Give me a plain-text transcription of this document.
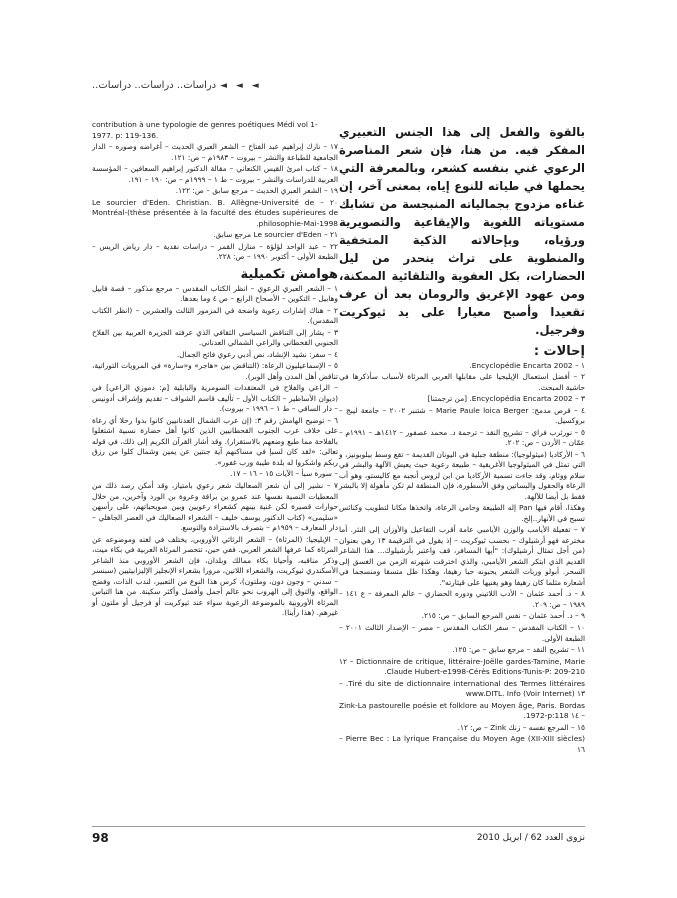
◄ ◄ ◄
دراسات.. دراسات.. دراسات..

بالقوة والفعل إلى هذا الجنس التعبيري المفكر فيه. من هنا، فإن شعر المناصرة الرعوي غني بنفسه كشعر، وبالمعرفة التي يحملها في طياته للنوع إياه، بمعنى آخر، إن غناءه مزدوج بجمالياته المنبجسة من تشابك مستوياته اللغوية والإيقاعية والتصويرية ورؤياه، وبإحالاته الذكية المتخفية والمنطوية على تراث ينحدر من ليل الحضارات، بكل العفوية والتلقائية الممكنة، ومن عهود الإغريق والرومان بعد أن عرف تقعيدا وأصبح معيارا على يد ثيوكريت وفرجيل.

إحالات :

١ – Encyclopédie Encarta 2002.

٢ – أفضل استعمال الإيليجيا على مقابلها العربي المرثاة لأسباب سأذكرها في حاشية المبحث.

٣ – Encyclopédia Encarta 2002. [من ترجمتنا]

٤ – قرص مدمج: Marie Paule loica Berger – شتنبر ٢٠٠٢ – جامعة ليبج – بروكسيل.

٥ – نورثرب فراي – تشريح النقد – ترجمة د. محمد عصفور – ١٤١٢هـ – ١٩٩١م – عمّان – الأردن – ص: ٢٠٢.

٦ – الأركاديا (ميثولوجيا): منطقة جبلية في اليونان القديمة – تقع وسط بيلوبونيز، و التي تمثل في الميثولوجيا الأغريقية – طبيعة رعوية حيث يعيش الآلهة والبشر في سلام ووئام، وقد جاءت تسمية الأركاديا من ابن لزوس أنجبه مع كاليستو، وهو أب الرعاة والحقول والبساتين وفق الأسطورة، فإن المنطقة لم تكن مأهولة إلا بالبشر فقط بل أيضا للآلهة.

وهكذا، أقام فيها Pan إله الطبيعة وحامي الرعاة، واتخذها مكانا لتطويب وكنائس تسبح في الأنهار..إلخ.

٧ – تفعيلة الأيامب والوزن الأيامبي عامة أقرب التفاعيل والأوزان إلى النثر. أما مخترعه فهو أرشيلوك – بحسب ثيوكريت – إذ يقول في الترقيمة ١٣ رهي بعنوان (من أجل تمثال أرشيلوك): "أيها المسافر، قف واعتبر بأرشيلوك... هذا الشاعر القديم الذي ابتكر الشعر الأيامبي، والذي اخترقت شهرته الزمن من الغسق إلى السحر. أبولو وربات الشعر يحبونه حبا رهيفا، وهكذا ظل متسقا ومنسجما في أشعاره مثلما كان رهيفا وهو يغنيها على قيثارته".

٨ – د. أحمد عثمان – الأدب اللاتيني ودوره الحضاري – عالم المعرفة – ع ١٤١ – ١٩٨٩ – ص: ٢٠٩.

٩ – د. أحمد عثمان – نفس المرجع السابق – ص: ٢١٥.

١٠ – الكتاب المقدس – سفر الكتاب المقدس – مصر – الإصدار الثالث ٢٠٠١ – الطبعة الأولى.

١١ – تشريح النقد – مرجع سابق – ص: ١٢٥.

Dictionnaire de critique, littéraire-Joëlle gardes-Tamine, Marie – ١٢ Claude Hubert-e1998-Cérès Editions-Tunis-P: 209-210.

Tiré du site de dictionnaire international des Termes littéraires. – ١٣ (www.DITL. Info (Voir Internet

Zink-La pastourelle poésie et folklore au Moyen âge, Paris. Bordas – ١٤ 1972-p:118.

١٥ – المرجع نفسه – زنك Zink – ص: ١٢.

Pierre Bec : La lyrique Française du Moyen Age (XII-XIII siècles) – ١٦

contribution à une typologie de genres poétiques Médi vol 1-1977. p: 119-136.

١٧ – نازك إبراهيم عبد الفتاح – الشعر العبري الحديث – أغراضه وصوره – الدار الجامعية للطباعة والنشر – بيروت – ١٩٨٣م – ص: ١٢١.

١٨ – كتاب امرئ القيس الكنعاني – مقالة الدكتور إبراهيم السعافين – المؤسسة العربية للدراسات والنشر – بيروت – ط ١ – ١٩٩٩م – ص: ١٩٠ – ١٩١.

١٩ – الشعر العبري الحديث – مرجع سابق – ص: ١٢٢.

٢٠ – Le sourcier d'Eden. Christian. B. Allègne-Université de Montréal-(thèse présentée à la faculté des études supérieures de philosophie-Mai-1998.

٢١ – Le sourcier d'Eden مرجع سابق.

٢٢ – عبد الواحد لؤلؤة – منازل القمر – دراسات نقدية – دار رياض الريس – الطبعة الأولى – أكتوبر ١٩٩٠ – ص: ٢٢٨.

هوامش تكميلية

١ – الشعر العبري الرعوي – انظر الكتاب المقدس – مرجع مذكور – قصة قابيل وهابيل – التكوين – الأصحاح الرابع – ص ٤ وما بعدها.

٢ – هناك إشارات رعوية واضحة في المزمور الثالث والعشرين – (انظر الكتاب المقدس).

٣ – يشار إلى التناقض السياسي الثقافي الذي عرفته الجزيرة العربية بين الفلاح الجنوبي القحطاني والراعي الشمالي العدناني.

٤ – سفر: نشيد الإنشاد، نص أدبي رعوي فائح الجمال.

٥ – الإسماعيليون الرعاة: (التناقض بين «هاجر» و«سارة» في المرويات التوراتية، تناقض أهل المدن وأهل الوبر).

– الراعي والفلاح في المعتقدات السومرية والبابلية [م: دموزي الراعي] في (ديوان الأساطير – الكتاب الأول – تأليف قاسم الشواف – تقديم وإشراف أدونيس – دار الساقي – ط ١ – ١٩٩٦ – بيروت).

٦ – توضيح الهامش رقم ٣: (إن عرب الشمال العدنانيين كانوا بدوا رحلا أي رعاة على خلاف عرب الجنوب القحطانيين الذين كانوا أهل حضارة نسبية اشتغلوا بالفلاحة مما طبع وضعهم بالاستقرار). وقد أشار القرآن الكريم إلى ذلك، في قوله تعالى: «لقد كان لسبإ في مساكنهم آية جنتين عن يمين وشمال كلوا من رزق ربكم واشكروا له بلدة طيبة ورب غفور».

– سورة سبأ – الآيات ١٥ – ١٦ – ١٧.

٧ – نشير إلى أن شعر الصعاليك شعر رعوي بامتياز، وقد أمكن رصد ذلك من المعطيات النصية نفسها عند عمرو بن براقة وعروة بن الورد وآخرين، من خلال حوارات قصيرة لكن غنية بينهم كشعراء رعويين وبين صويحباتهم، على رأسهن «سليمى» (كتاب الدكتور يوسف خليف – الشعراء الصعاليك في العصر الجاهلي – دار المعارف – ١٩٥٩م – بتصرف بالاستزادة والتوسع.

– الإيليجيا: (المرثاة) – الشعر الرثائي الأوروبي، يختلف في لغته وموضوعه عن المرثاة كما عرفها الشعر العربي. ففي حين، تتحصر المرثاة العربية في بكاء ميت، وذكر مناقبه، وأحيانا بكاء ممالك وبلدان، فإن الشعر الأوروبي منذ الشاعر الأسكندري ثيوكريت، والشعراء اللاتين، مرورا بشعراء الإنجليز الإليزابيثيين (سبنسر – سدني – وجون دون، وملتون)، كرس هذا النوع من التعبير، لندب الذات، وفضح الواقع، والتوق إلى الهروب نحو عالم أجمل وأفضل وأكثر سكينة. من هنا التباس المرثاة الأوروبية بالموضوعة الرعوية سواء عند ثيوكريت أو فرجيل أو ملتون أو غيرهم. (هذا رأينا).

98	نزوى العدد 62 / ابريل 2010
